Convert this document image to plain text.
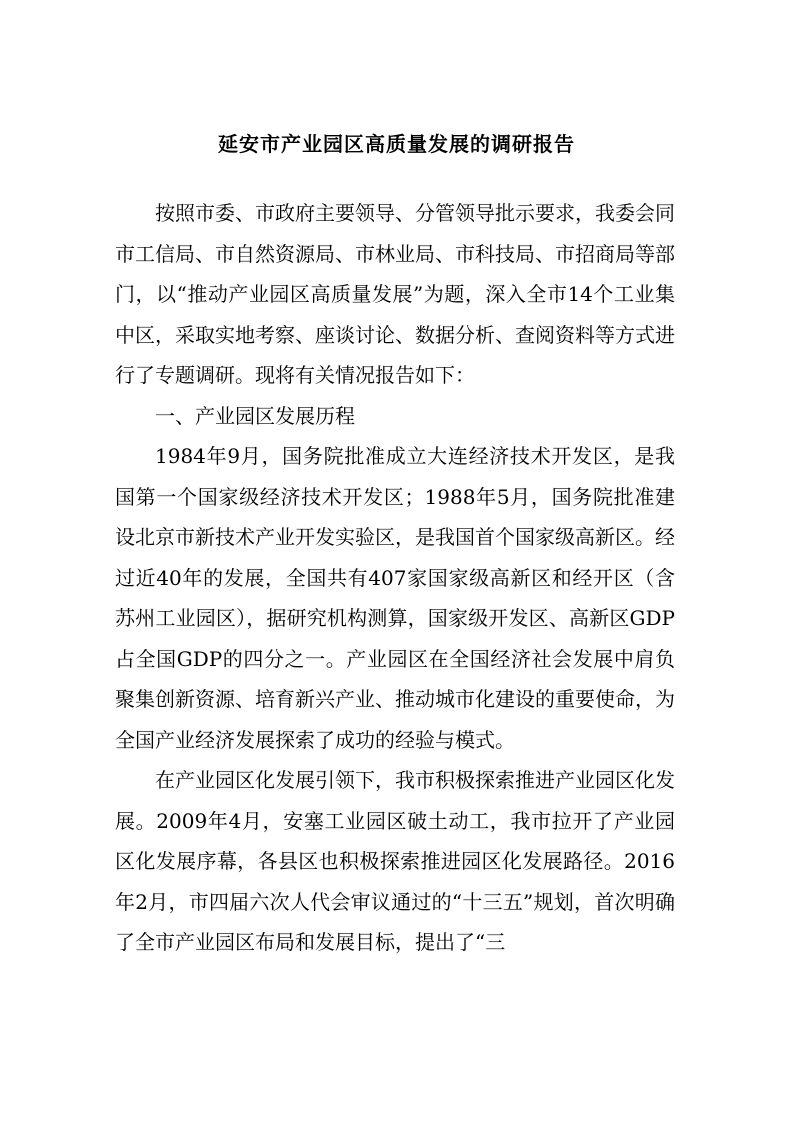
延安市产业园区高质量发展的调研报告

按照市委、市政府主要领导、分管领导批示要求，我委会同市工信局、市自然资源局、市林业局、市科技局、市招商局等部门，以“推动产业园区高质量发展”为题，深入全市14个工业集中区，采取实地考察、座谈讨论、数据分析、查阅资料等方式进行了专题调研。现将有关情况报告如下：

一、产业园区发展历程

1984年9月，国务院批准成立大连经济技术开发区，是我国第一个国家级经济技术开发区；1988年5月，国务院批准建设北京市新技术产业开发实验区，是我国首个国家级高新区。经过近40年的发展，全国共有407家国家级高新区和经开区（含苏州工业园区），据研究机构测算，国家级开发区、高新区GDP占全国GDP的四分之一。产业园区在全国经济社会发展中肩负聚集创新资源、培育新兴产业、推动城市化建设的重要使命，为全国产业经济发展探索了成功的经验与模式。

在产业园区化发展引领下，我市积极探索推进产业园区化发展。2009年4月，安塞工业园区破土动工，我市拉开了产业园区化发展序幕，各县区也积极探索推进园区化发展路径。2016年2月，市四届六次人代会审议通过的“十三五”规划，首次明确了全市产业园区布局和发展目标，提出了“三
